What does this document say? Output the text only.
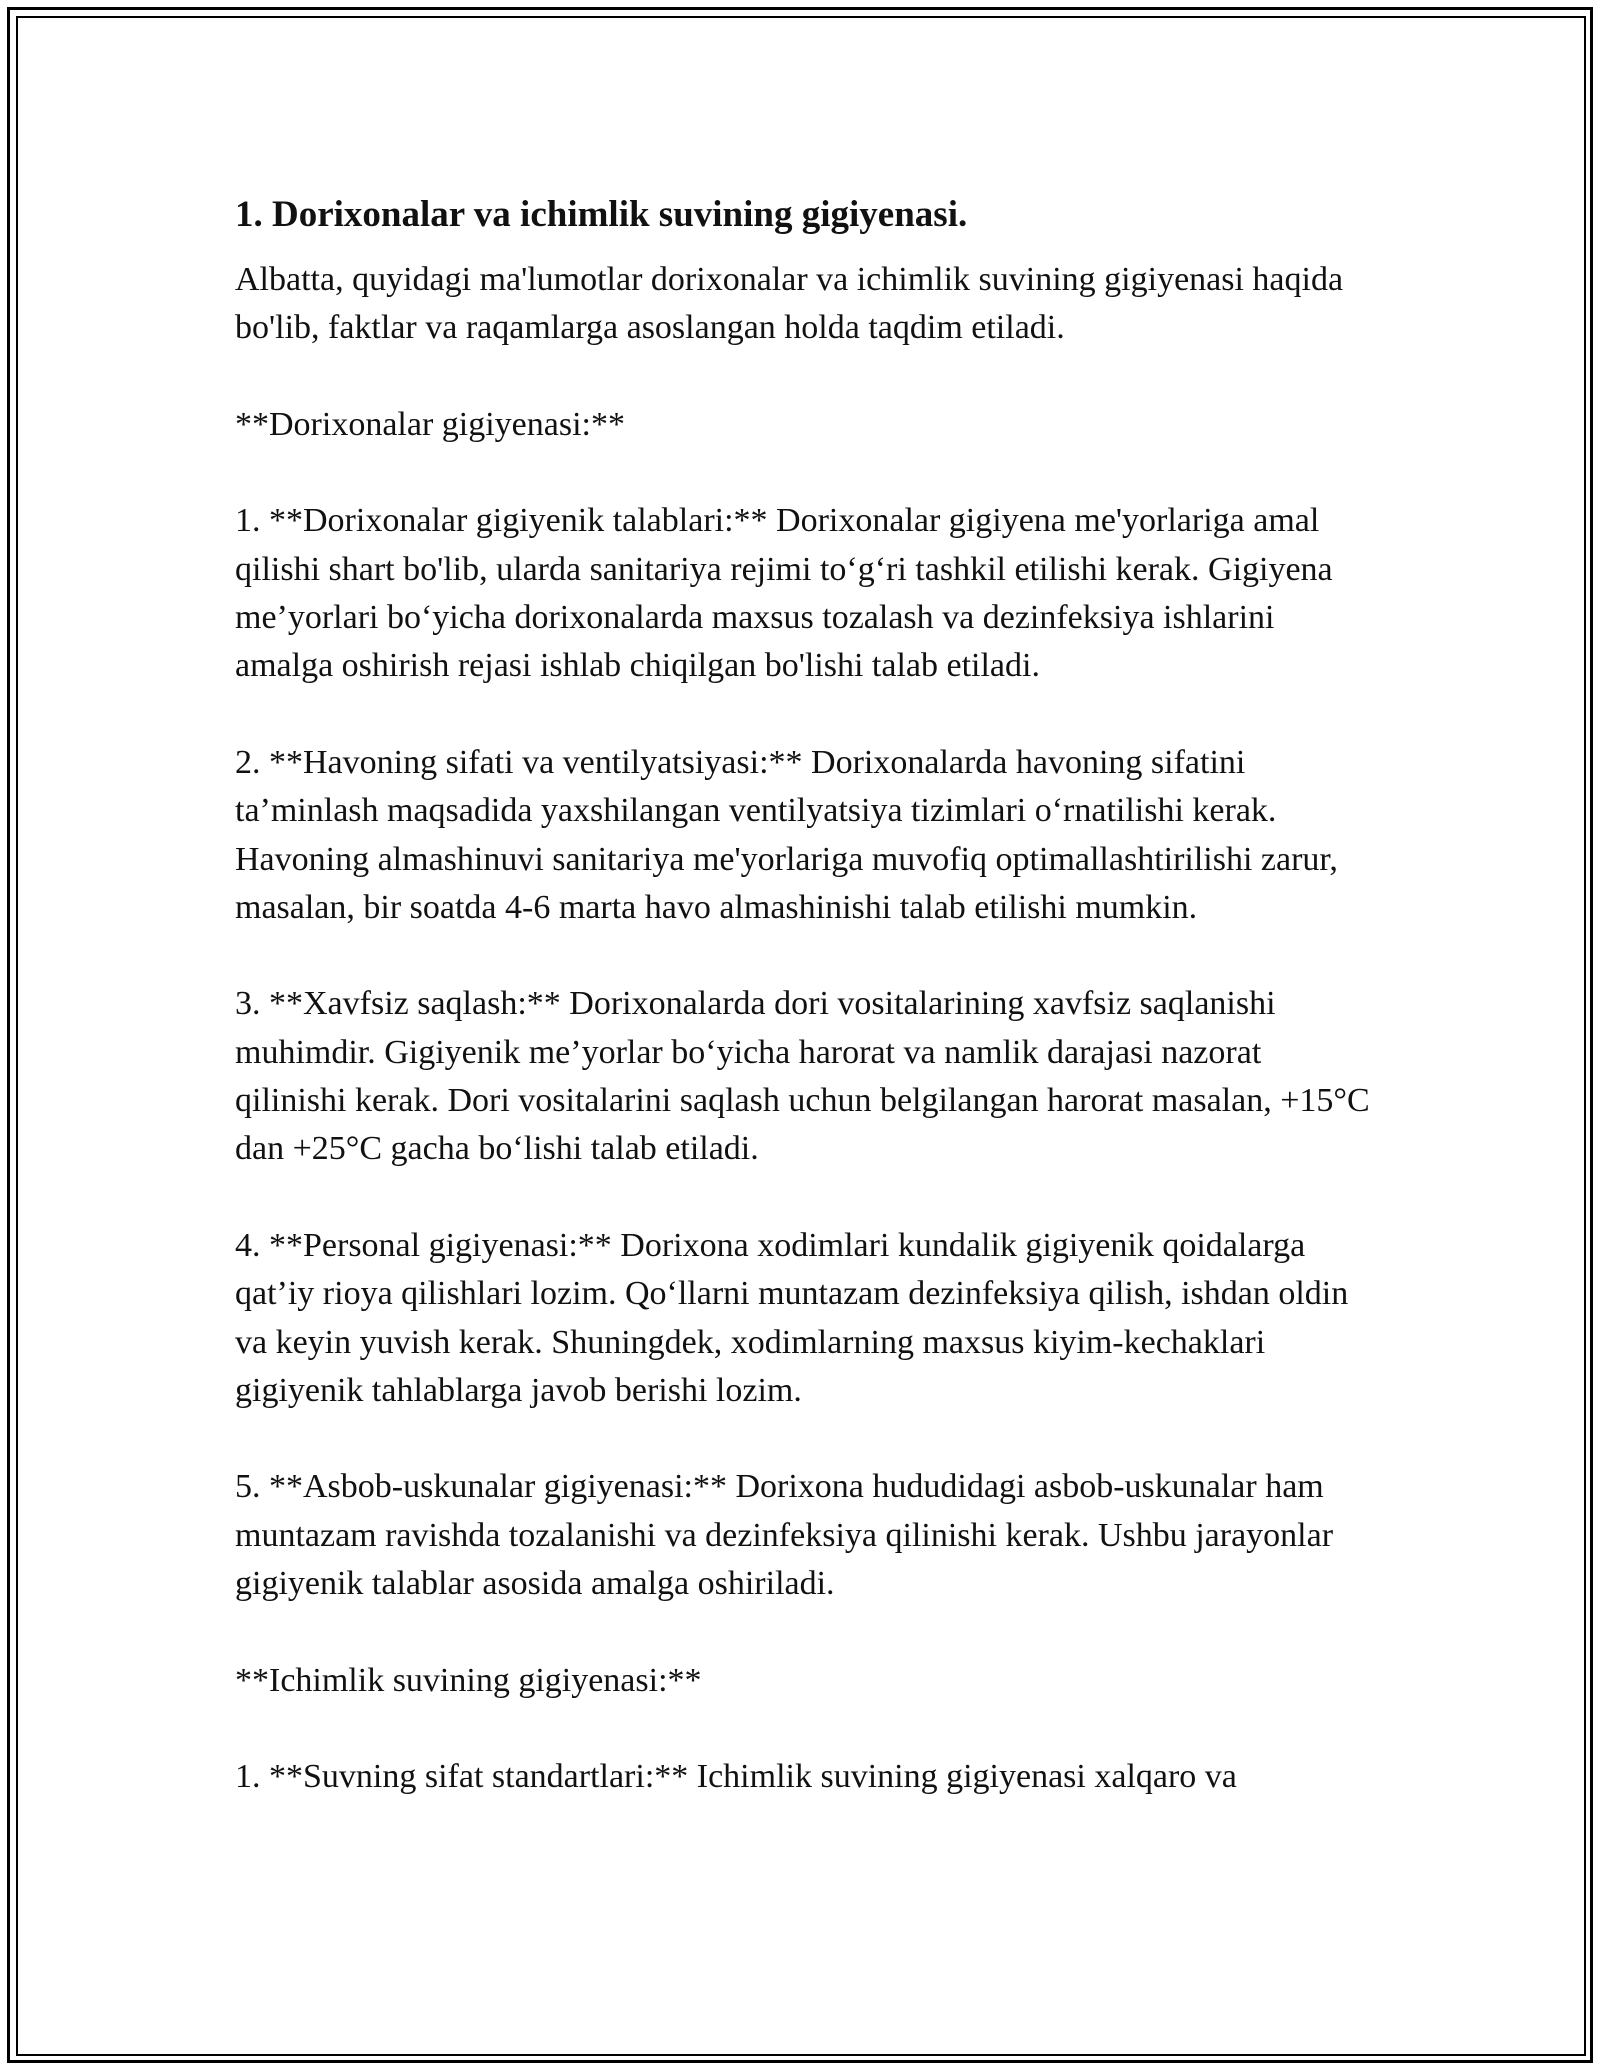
1. Dorixonalar va ichimlik suvining gigiyenasi.

Albatta, quyidagi ma'lumotlar dorixonalar va ichimlik suvining gigiyenasi haqida bo'lib, faktlar va raqamlarga asoslangan holda taqdim etiladi.

**Dorixonalar gigiyenasi:**

1. **Dorixonalar gigiyenik talablari:** Dorixonalar gigiyena me'yorlariga amal qilishi shart bo'lib, ularda sanitariya rejimi to‘g‘ri tashkil etilishi kerak. Gigiyena me’yorlari bo‘yicha dorixonalarda maxsus tozalash va dezinfeksiya ishlarini amalga oshirish rejasi ishlab chiqilgan bo'lishi talab etiladi.

2. **Havoning sifati va ventilyatsiyasi:** Dorixonalarda havoning sifatini ta’minlash maqsadida yaxshilangan ventilyatsiya tizimlari o‘rnatilishi kerak. Havoning almashinuvi sanitariya me'yorlariga muvofiq optimallashtirilishi zarur, masalan, bir soatda 4-6 marta havo almashinishi talab etilishi mumkin.

3. **Xavfsiz saqlash:** Dorixonalarda dori vositalarining xavfsiz saqlanishi muhimdir. Gigiyenik me’yorlar bo‘yicha harorat va namlik darajasi nazorat qilinishi kerak. Dori vositalarini saqlash uchun belgilangan harorat masalan, +15°C dan +25°C gacha bo‘lishi talab etiladi.

4. **Personal gigiyenasi:** Dorixona xodimlari kundalik gigiyenik qoidalarga qat’iy rioya qilishlari lozim. Qo‘llarni muntazam dezinfeksiya qilish, ishdan oldin va keyin yuvish kerak. Shuningdek, xodimlarning maxsus kiyim-kechaklari gigiyenik tahlablarga javob berishi lozim.

5. **Asbob-uskunalar gigiyenasi:** Dorixona hududidagi asbob-uskunalar ham muntazam ravishda tozalanishi va dezinfeksiya qilinishi kerak. Ushbu jarayonlar gigiyenik talablar asosida amalga oshiriladi.

**Ichimlik suvining gigiyenasi:**

1. **Suvning sifat standartlari:** Ichimlik suvining gigiyenasi xalqaro va
